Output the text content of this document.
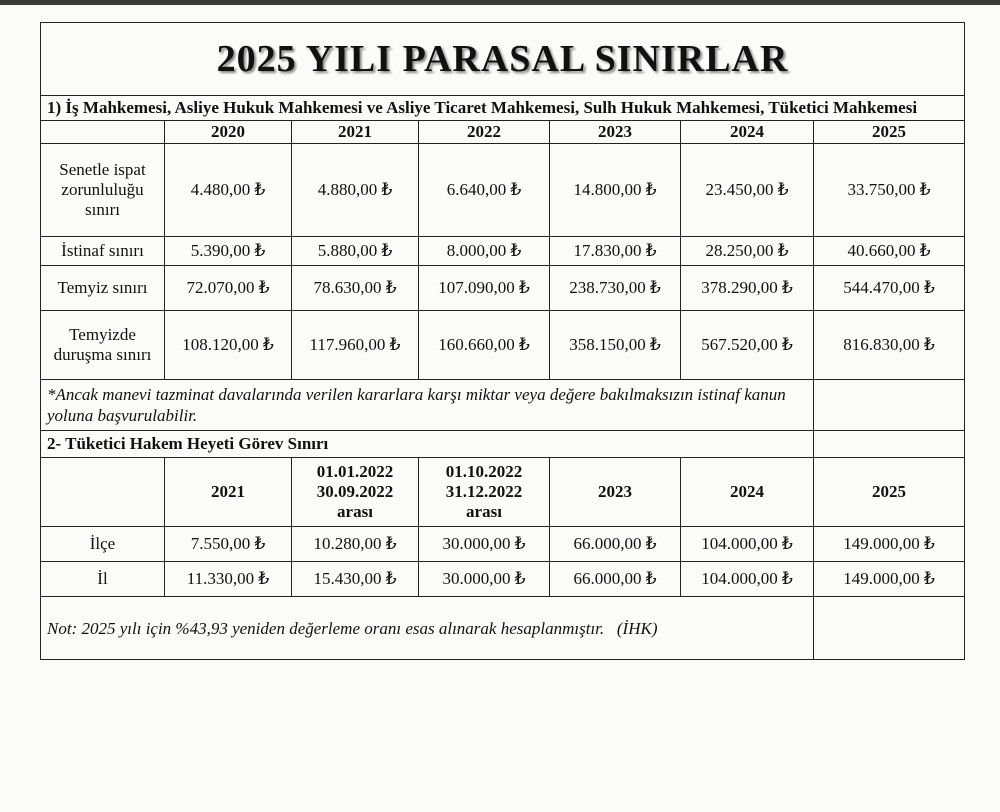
2025 YILI PARASAL SINIRLAR						
1) İş Mahkemesi, Asliye Hukuk Mahkemesi ve Asliye Ticaret Mahkemesi, Sulh Hukuk Mahkemesi, Tüketici Mahkemesi						
	2020	2021	2022	2023	2024	2025
Senetle ispat zorunluluğu sınırı	4.480,00 ₺	4.880,00 ₺	6.640,00 ₺	14.800,00 ₺	23.450,00 ₺	33.750,00 ₺
İstinaf sınırı	5.390,00 ₺	5.880,00 ₺	8.000,00 ₺	17.830,00 ₺	28.250,00 ₺	40.660,00 ₺
Temyiz sınırı	72.070,00 ₺	78.630,00 ₺	107.090,00 ₺	238.730,00 ₺	378.290,00 ₺	544.470,00 ₺
Temyizde duruşma sınırı	108.120,00 ₺	117.960,00 ₺	160.660,00 ₺	358.150,00 ₺	567.520,00 ₺	816.830,00 ₺
*Ancak manevi tazminat davalarında verilen kararlara karşı miktar veya değere bakılmaksızın istinaf kanun yoluna başvurulabilir.						
2- Tüketici Hakem Heyeti Görev Sınırı						
	2021	01.01.2022
30.09.2022
arası	01.10.2022
31.12.2022
arası	2023	2024	2025
İlçe	7.550,00 ₺	10.280,00 ₺	30.000,00 ₺	66.000,00 ₺	104.000,00 ₺	149.000,00 ₺
İl	11.330,00 ₺	15.430,00 ₺	30.000,00 ₺	66.000,00 ₺	104.000,00 ₺	149.000,00 ₺
Not: 2025 yılı için %43,93 yeniden değerleme oranı esas alınarak hesaplanmıştır.   (İHK)						
